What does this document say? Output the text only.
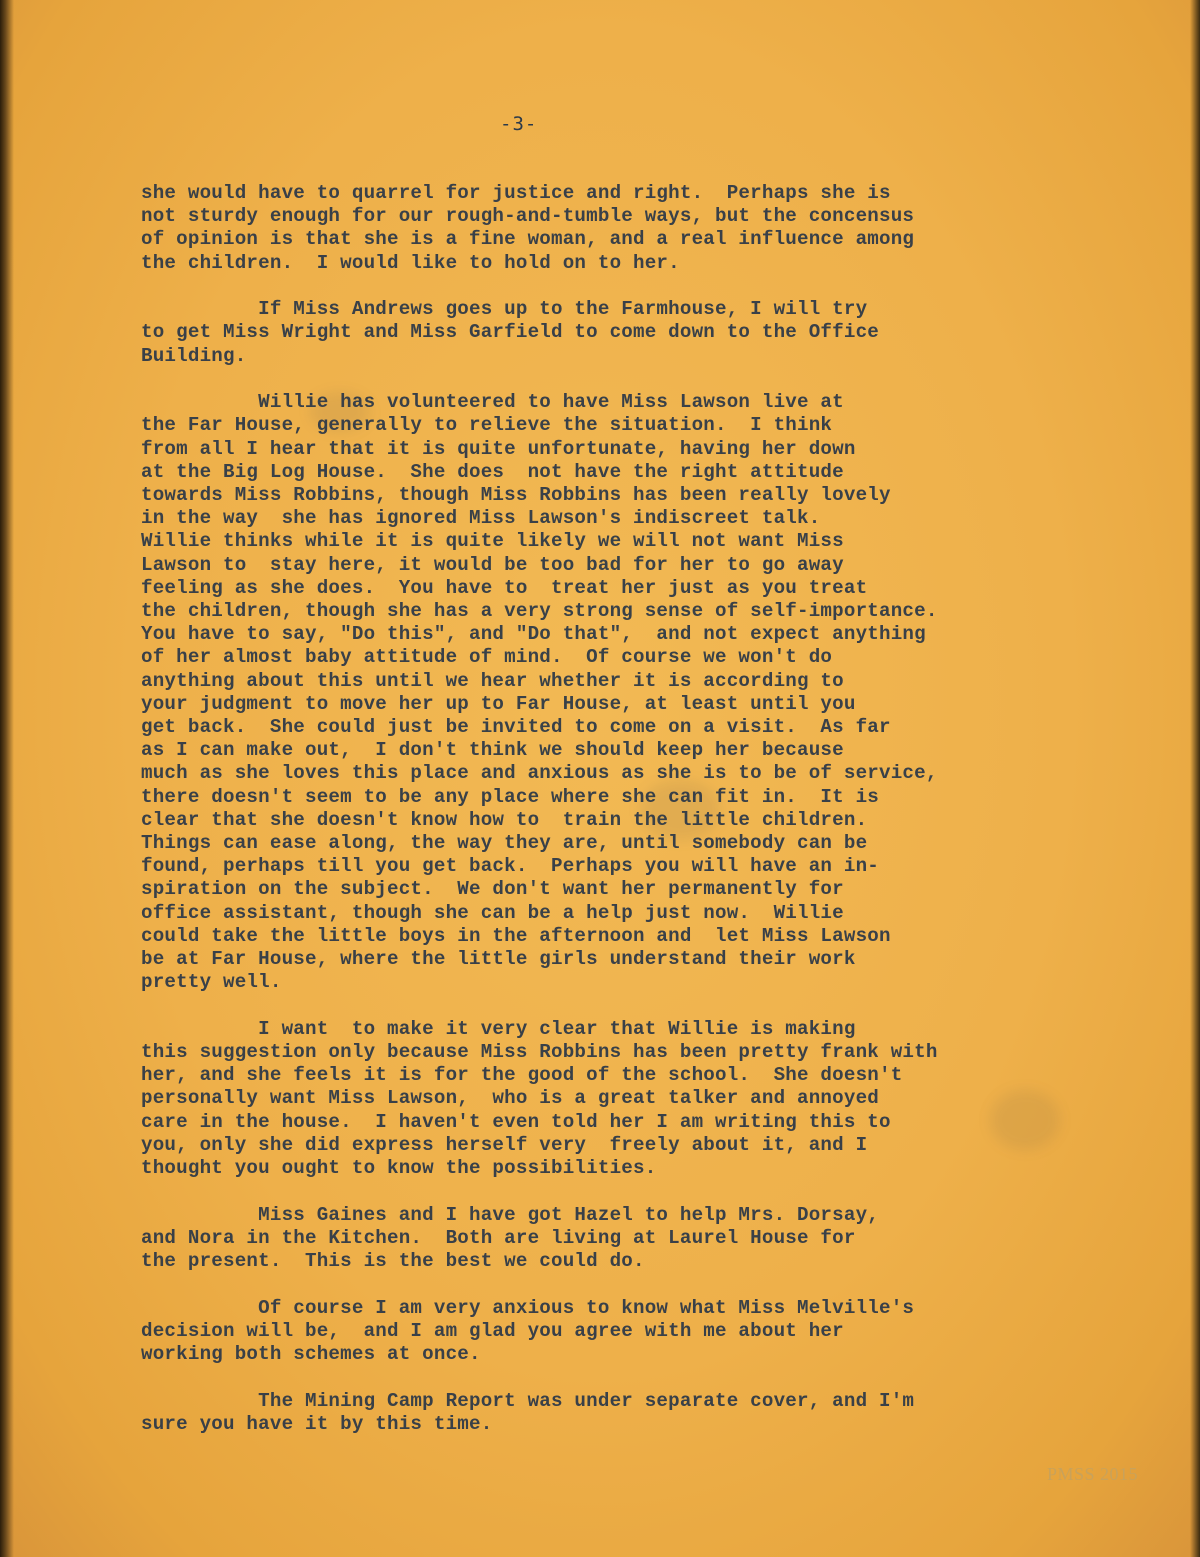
-3-
she would have to quarrel for justice and right.  Perhaps she is
not sturdy enough for our rough-and-tumble ways, but the concensus
of opinion is that she is a fine woman, and a real influence among
the children.  I would like to hold on to her.
If Miss Andrews goes up to the Farmhouse, I will try
to get Miss Wright and Miss Garfield to come down to the Office
Building.
Willie has volunteered to have Miss Lawson live at
the Far House, generally to relieve the situation.  I think
from all I hear that it is quite unfortunate, having her down
at the Big Log House.  She does  not have the right attitude
towards Miss Robbins, though Miss Robbins has been really lovely
in the way  she has ignored Miss Lawson's indiscreet talk.
Willie thinks while it is quite likely we will not want Miss
Lawson to  stay here, it would be too bad for her to go away
feeling as she does.  You have to  treat her just as you treat
the children, though she has a very strong sense of self-importance.
You have to say, "Do this", and "Do that",  and not expect anything
of her almost baby attitude of mind.  Of course we won't do
anything about this until we hear whether it is according to
your judgment to move her up to Far House, at least until you
get back.  She could just be invited to come on a visit.  As far
as I can make out,  I don't think we should keep her because
much as she loves this place and anxious as she is to be of service,
there doesn't seem to be any place where she can fit in.  It is
clear that she doesn't know how to  train the little children.
Things can ease along, the way they are, until somebody can be
found, perhaps till you get back.  Perhaps you will have an in-
spiration on the subject.  We don't want her permanently for
office assistant, though she can be a help just now.  Willie
could take the little boys in the afternoon and  let Miss Lawson
be at Far House, where the little girls understand their work
pretty well.
I want  to make it very clear that Willie is making
this suggestion only because Miss Robbins has been pretty frank with
her, and she feels it is for the good of the school.  She doesn't
personally want Miss Lawson,  who is a great talker and annoyed
care in the house.  I haven't even told her I am writing this to
you, only she did express herself very  freely about it, and I
thought you ought to know the possibilities.
Miss Gaines and I have got Hazel to help Mrs. Dorsay,
and Nora in the Kitchen.  Both are living at Laurel House for
the present.  This is the best we could do.
Of course I am very anxious to know what Miss Melville's
decision will be,  and I am glad you agree with me about her
working both schemes at once.
The Mining Camp Report was under separate cover, and I'm
sure you have it by this time.
PMSS 2015
